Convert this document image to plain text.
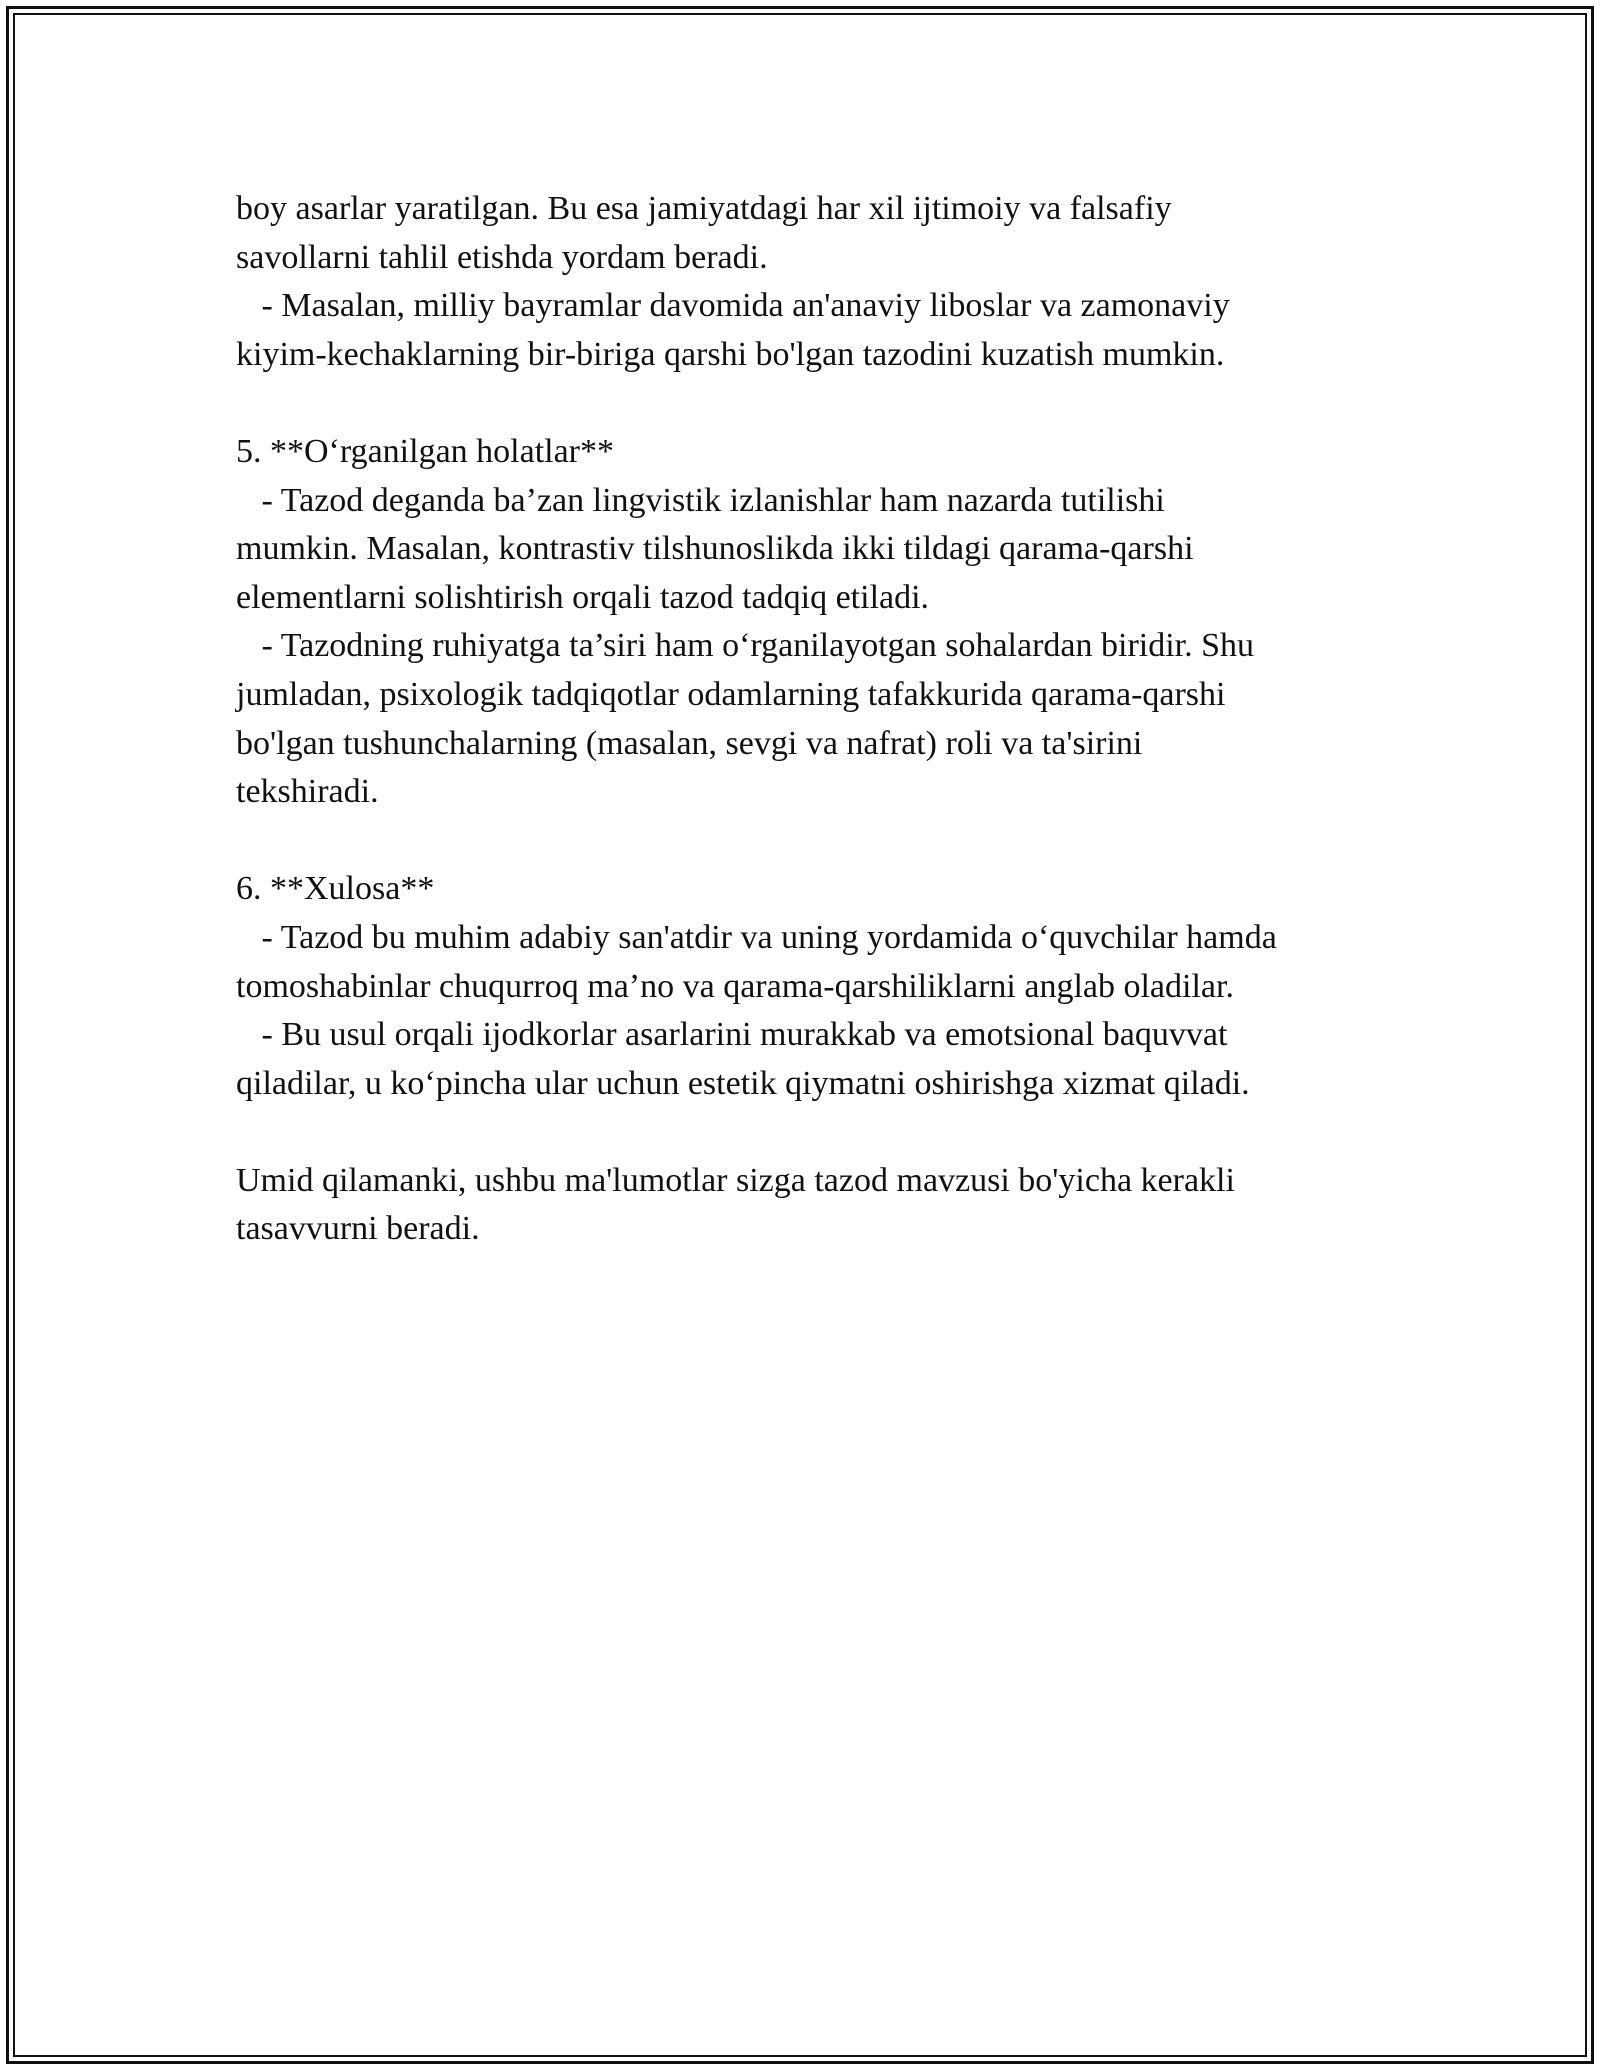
boy asarlar yaratilgan. Bu esa jamiyatdagi har xil ijtimoiy va falsafiy
savollarni tahlil etishda yordam beradi.
- Masalan, milliy bayramlar davomida an'anaviy liboslar va zamonaviy
kiyim-kechaklarning bir-biriga qarshi bo'lgan tazodini kuzatish mumkin.
5. **O‘rganilgan holatlar**
- Tazod deganda ba’zan lingvistik izlanishlar ham nazarda tutilishi
mumkin. Masalan, kontrastiv tilshunoslikda ikki tildagi qarama-qarshi
elementlarni solishtirish orqali tazod tadqiq etiladi.
- Tazodning ruhiyatga ta’siri ham o‘rganilayotgan sohalardan biridir. Shu
jumladan, psixologik tadqiqotlar odamlarning tafakkurida qarama-qarshi
bo'lgan tushunchalarning (masalan, sevgi va nafrat) roli va ta'sirini
tekshiradi.
6. **Xulosa**
- Tazod bu muhim adabiy san'atdir va uning yordamida o‘quvchilar hamda
tomoshabinlar chuqurroq ma’no va qarama-qarshiliklarni anglab oladilar.
- Bu usul orqali ijodkorlar asarlarini murakkab va emotsional baquvvat
qiladilar, u ko‘pincha ular uchun estetik qiymatni oshirishga xizmat qiladi.
Umid qilamanki, ushbu ma'lumotlar sizga tazod mavzusi bo'yicha kerakli
tasavvurni beradi.
